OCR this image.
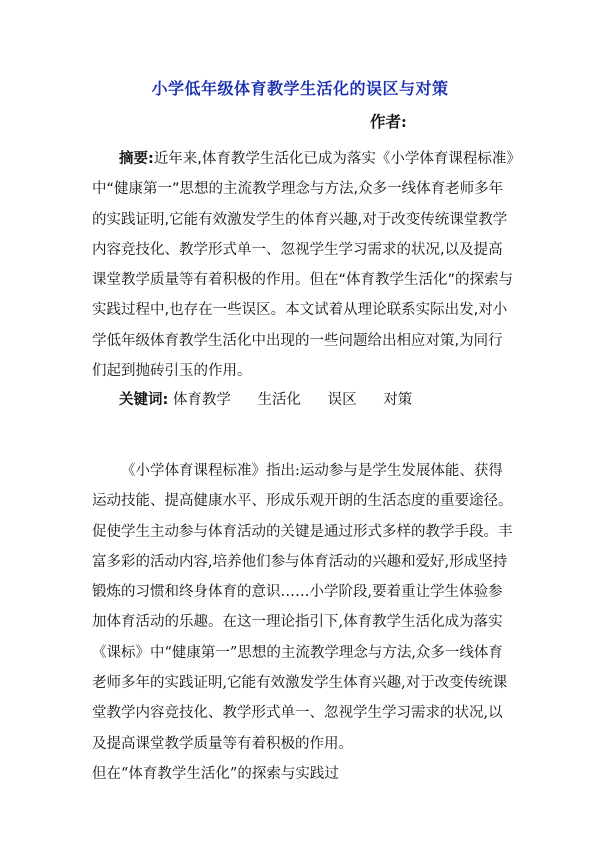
小学低年级体育教学生活化的误区与对策
作者:
摘要:近年来,体育教学生活化已成为落实《小学体育课程标准》中“健康第一”思想的主流教学理念与方法,众多一线体育老师多年的实践证明,它能有效激发学生的体育兴趣,对于改变传统课堂教学内容竞技化、教学形式单一、忽视学生学习需求的状况,以及提高课堂教学质量等有着积极的作用。但在“体育教学生活化”的探索与实践过程中,也存在一些误区。本文试着从理论联系实际出发,对小学低年级体育教学生活化中出现的一些问题给出相应对策,为同行们起到抛砖引玉的作用。
关键词: 体育教学 生活化 误区 对策
《小学体育课程标准》指出:运动参与是学生发展体能、获得运动技能、提高健康水平、形成乐观开朗的生活态度的重要途径。促使学生主动参与体育活动的关键是通过形式多样的教学手段。丰富多彩的活动内容,培养他们参与体育活动的兴趣和爱好,形成坚持锻炼的习惯和终身体育的意识……小学阶段,要着重让学生体验参加体育活动的乐趣。在这一理论指引下,体育教学生活化成为落实《课标》中“健康第一”思想的主流教学理念与方法,众多一线体育老师多年的实践证明,它能有效激发学生体育兴趣,对于改变传统课堂教学内容竞技化、教学形式单一、忽视学生学习需求的状况,以及提高课堂教学质量等有着积极的作用。
但在“体育教学生活化”的探索与实践过
